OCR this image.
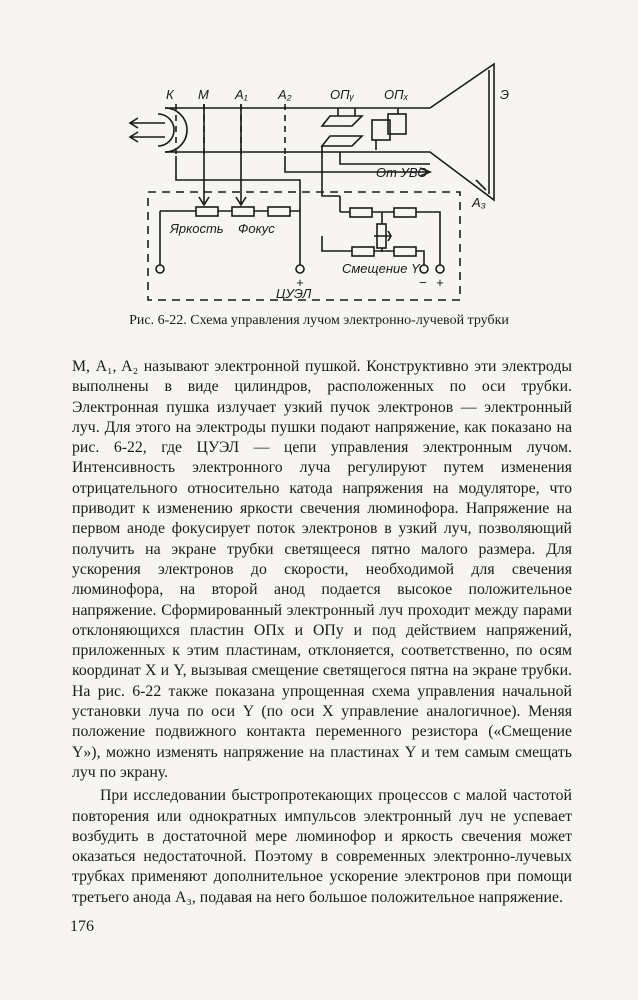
К М A₁ A₂	ОПᵧ ОПₓ	Э
От УВО
A₃
Яркость Фокус
Смещение Y
+	− +
ЦУЭЛ
Рис. 6-22. Схема управления лучом электронно-лучевой трубки

М, A₁, A₂ называют электронной пушкой. Конструктивно эти электроды выполнены в виде цилиндров, расположенных по оси трубки. Электронная пушка излучает узкий пучок электронов — электронный луч. Для этого на электроды пушки подают напряжение, как показано на рис. 6-22, где ЦУЭЛ — цепи управления электронным лучом. Интенсивность электронного луча регулируют путем изменения отрицательного относительно катода напряжения на модуляторе, что приводит к изменению яркости свечения люминофора. Напряжение на первом аноде фокусирует поток электронов в узкий луч, позволяющий получить на экране трубки светящееся пятно малого размера. Для ускорения электронов до скорости, необходимой для свечения люминофора, на второй анод подается высокое положительное напряжение. Сформированный электронный луч проходит между парами отклоняющихся пластин ОПx и ОПy и под действием напряжений, приложенных к этим пластинам, отклоняется, соответственно, по осям координат X и Y, вызывая смещение светящегося пятна на экране трубки. На рис. 6-22 также показана упрощенная схема управления начальной установки луча по оси Y (по оси X управление аналогичное). Меняя положение подвижного контакта переменного резистора («Смещение Y»), можно изменять напряжение на пластинах Y и тем самым смещать луч по экрану.

При исследовании быстропротекающих процессов с малой частотой повторения или однократных импульсов электронный луч не успевает возбудить в достаточной мере люминофор и яркость свечения может оказаться недостаточной. Поэтому в современных электронно-лучевых трубках применяют дополнительное ускорение электронов при помощи третьего анода A₃, подавая на него большое положительное напряжение.

176
